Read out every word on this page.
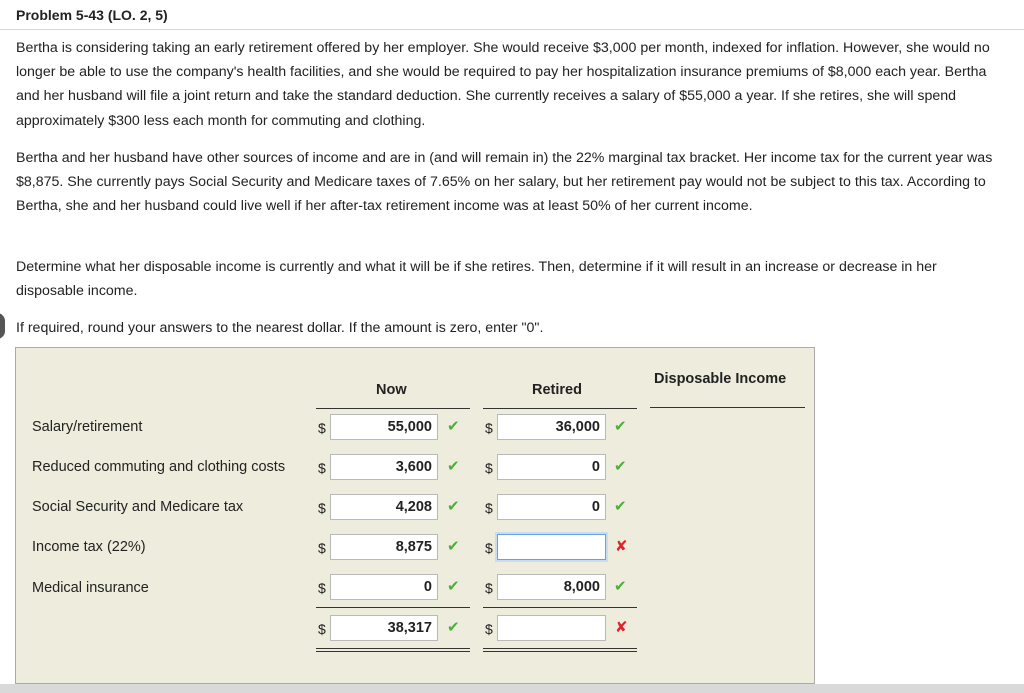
Problem 5-43 (LO. 2, 5)

Bertha is considering taking an early retirement offered by her employer. She would receive $3,000 per month, indexed for inflation. However, she would no longer be able to use the company's health facilities, and she would be required to pay her hospitalization insurance premiums of $8,000 each year. Bertha and her husband will file a joint return and take the standard deduction. She currently receives a salary of $55,000 a year. If she retires, she will spend approximately $300 less each month for commuting and clothing.

Bertha and her husband have other sources of income and are in (and will remain in) the 22% marginal tax bracket. Her income tax for the current year was $8,875. She currently pays Social Security and Medicare taxes of 7.65% on her salary, but her retirement pay would not be subject to this tax. According to Bertha, she and her husband could live well if her after-tax retirement income was at least 50% of her current income.

Determine what her disposable income is currently and what it will be if she retires. Then, determine if it will result in an increase or decrease in her disposable income.

If required, round your answers to the nearest dollar. If the amount is zero, enter "0".

Now	Retired
Disposable Income
Salary/retirement	$	55,000	✔ $	36,000 ✔
Reduced commuting and clothing costs $	3,600	✔ $	0 ✔
Social Security and Medicare tax	$	4,208	✔ $	0 ✔
Income tax (22%)	$	8,875	✔ $	✘
Medical insurance	$	0	✔ $	8,000 ✔
$	38,317	✔ $	✘
